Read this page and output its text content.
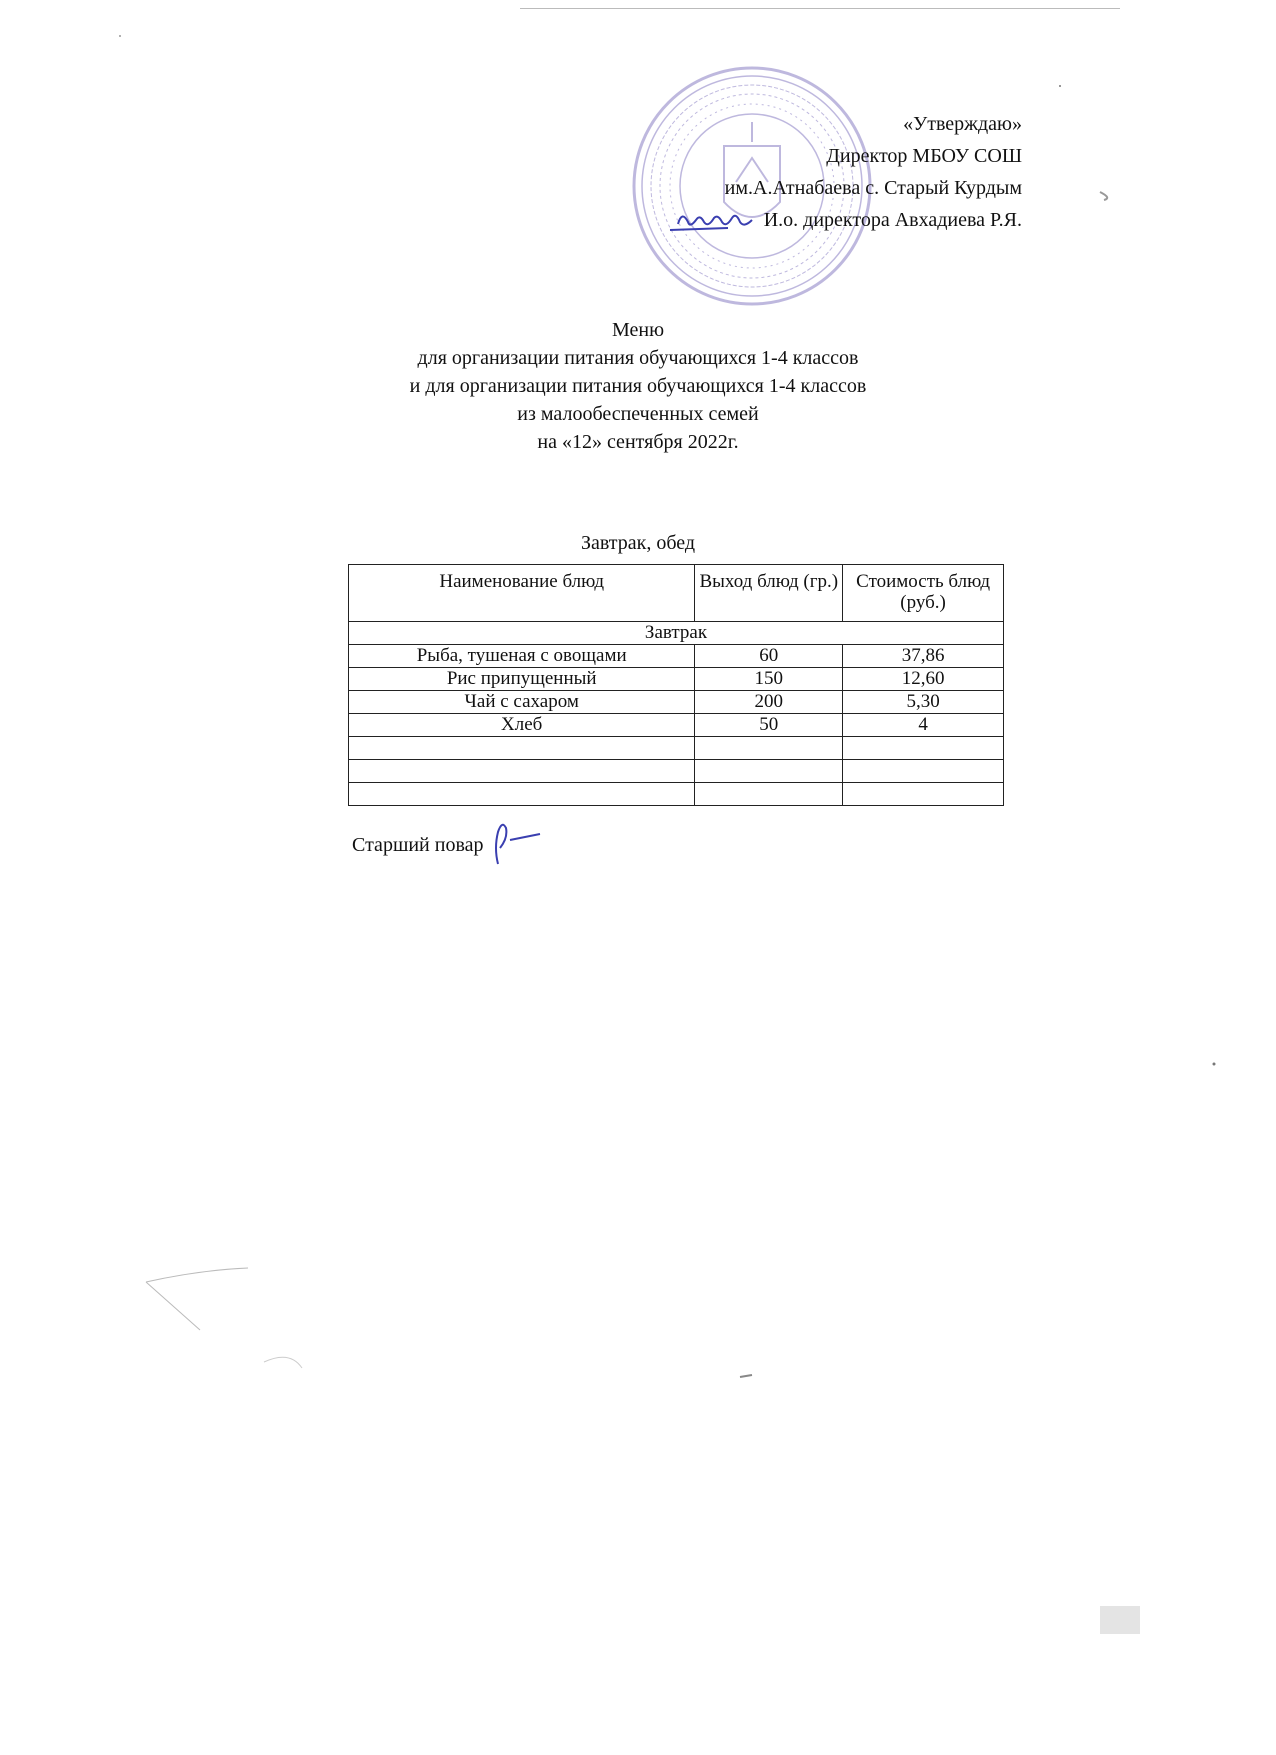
«Утверждаю»
Директор МБОУ СОШ
им.А.Атнабаева с. Старый Курдым
И.о. директора Авхадиева Р.Я.
Меню
для организации питания обучающихся 1-4 классов
и для организации питания обучающихся 1-4 классов
из малообеспеченных семей
на «12» сентября 2022г.
Завтрак, обед
Наименование блюд	Выход блюд (гр.)	Стоимость блюд (руб.)
Завтрак		
Рыба, тушеная с овощами	60	37,86
Рис припущенный	150	12,60
Чай с сахаром	200	5,30
Хлеб	50	4

Старший повар
